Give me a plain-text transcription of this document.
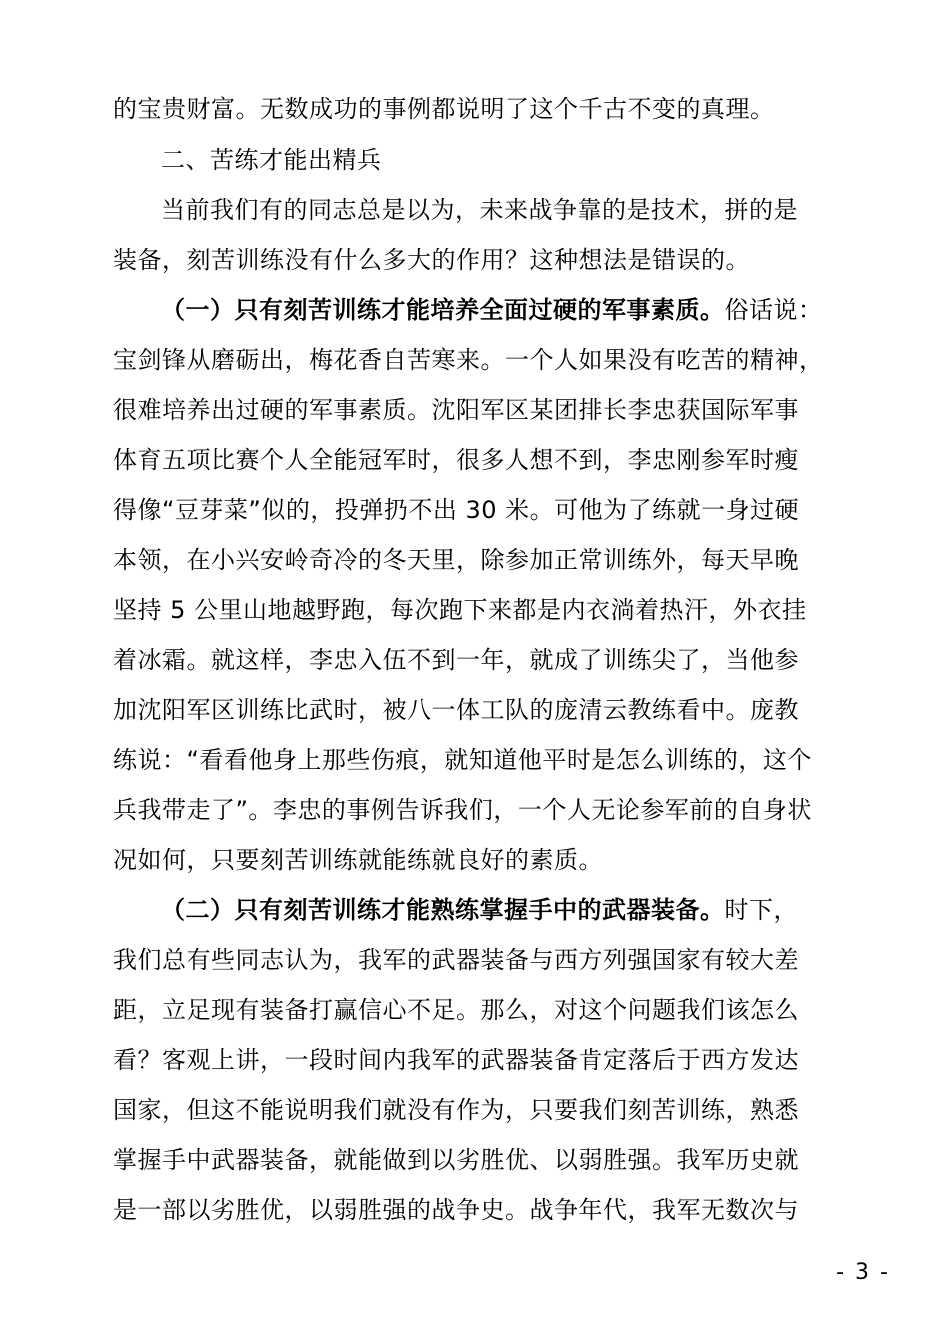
的宝贵财富。无数成功的事例都说明了这个千古不变的真理。
二、苦练才能出精兵
当前我们有的同志总是以为，未来战争靠的是技术，拼的是
装备，刻苦训练没有什么多大的作用？这种想法是错误的。
（一）只有刻苦训练才能培养全面过硬的军事素质。俗话说：
宝剑锋从磨砺出，梅花香自苦寒来。一个人如果没有吃苦的精神，
很难培养出过硬的军事素质。沈阳军区某团排长李忠获国际军事
体育五项比赛个人全能冠军时，很多人想不到，李忠刚参军时瘦
得像“豆芽菜”似的，投弹扔不出 30 米。可他为了练就一身过硬
本领，在小兴安岭奇冷的冬天里，除参加正常训练外，每天早晚
坚持 5 公里山地越野跑，每次跑下来都是内衣淌着热汗，外衣挂
着冰霜。就这样，李忠入伍不到一年，就成了训练尖了，当他参
加沈阳军区训练比武时，被八一体工队的庞清云教练看中。庞教
练说：“看看他身上那些伤痕，就知道他平时是怎么训练的，这个
兵我带走了”。李忠的事例告诉我们，一个人无论参军前的自身状
况如何，只要刻苦训练就能练就良好的素质。
（二）只有刻苦训练才能熟练掌握手中的武器装备。时下，
我们总有些同志认为，我军的武器装备与西方列强国家有较大差
距，立足现有装备打赢信心不足。那么，对这个问题我们该怎么
看？客观上讲，一段时间内我军的武器装备肯定落后于西方发达
国家，但这不能说明我们就没有作为，只要我们刻苦训练，熟悉
掌握手中武器装备，就能做到以劣胜优、以弱胜强。我军历史就
是一部以劣胜优，以弱胜强的战争史。战争年代，我军无数次与
- 3 -
